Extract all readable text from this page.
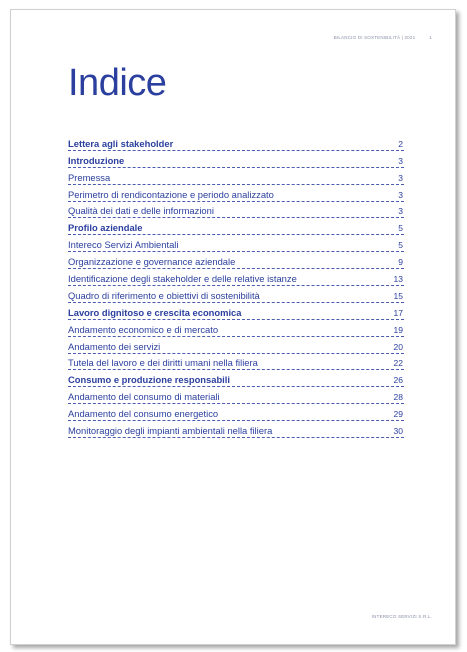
BILANCIO DI SOSTENIBILITÀ | 2021	1
Indice
Lettera agli stakeholder	2
Introduzione	3
Premessa	3
Perimetro di rendicontazione e periodo analizzato	3
Qualità dei dati e delle informazioni	3
Profilo aziendale	5
Intereco Servizi Ambientali	5
Organizzazione e governance aziendale	9
Identificazione degli stakeholder e delle relative istanze	13
Quadro di riferimento e obiettivi di sostenibilità	15
Lavoro dignitoso e crescita economica	17
Andamento economico e di mercato	19
Andamento dei servizi	20
Tutela del lavoro e dei diritti umani nella filiera	22
Consumo e produzione responsabili	26
Andamento del consumo di materiali	28
Andamento del consumo energetico	29
Monitoraggio degli impianti ambientali nella filiera	30
INTERECO SERVIZI S.R.L.
